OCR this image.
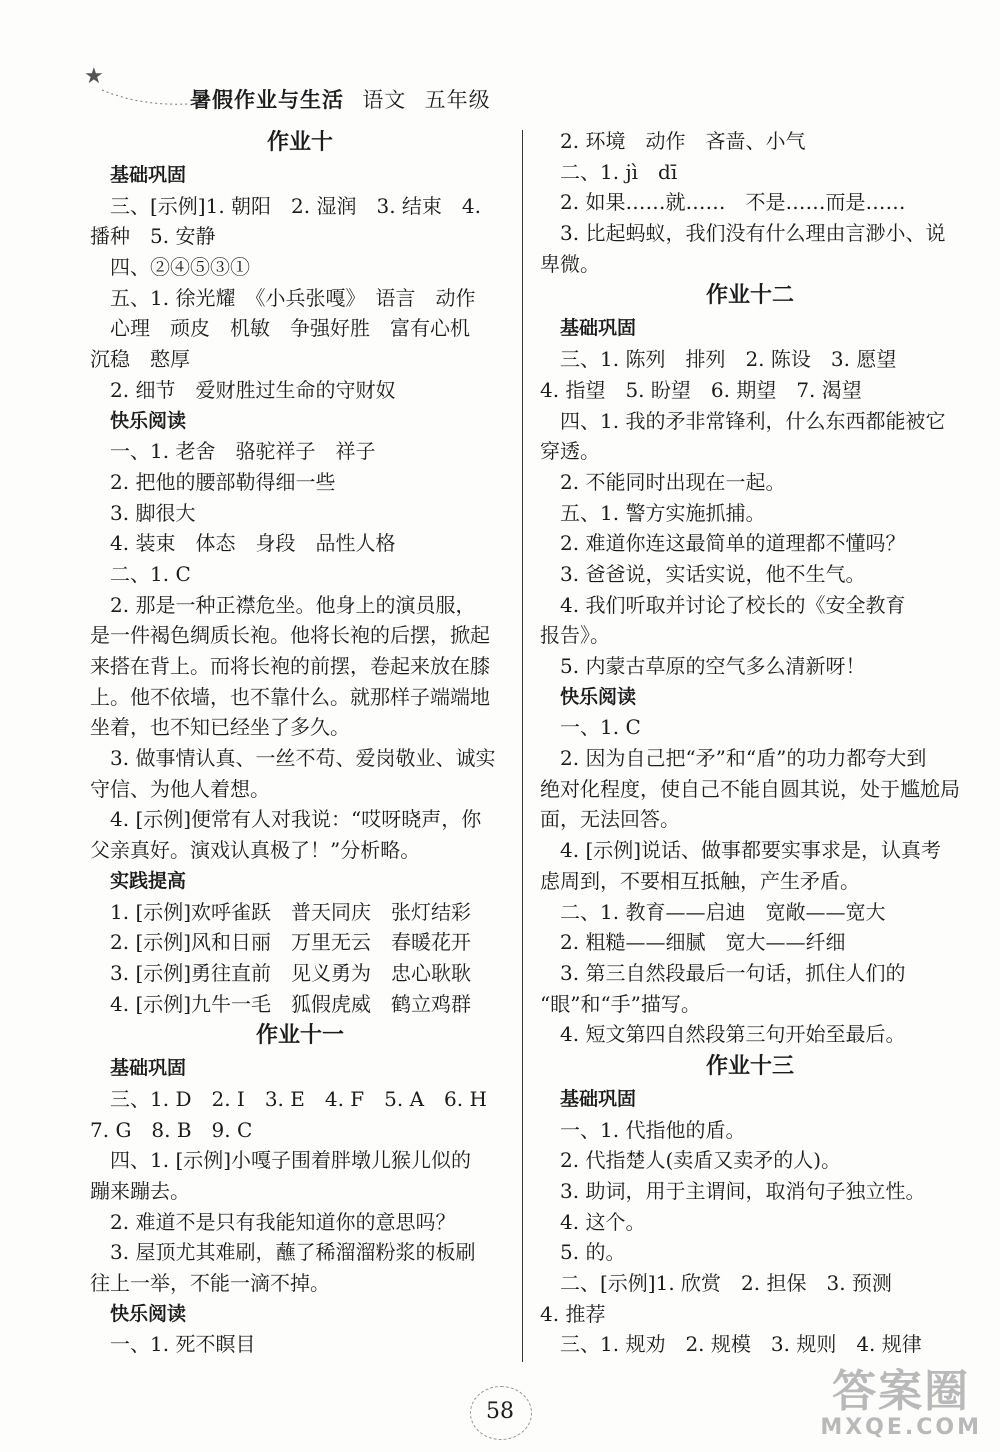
★
暑假作业与生活 语文 五年级
作业十
基础巩固
三、[示例]1. 朝阳　2. 湿润　3. 结束　4.
播种　5. 安静
四、②④⑤③①
五、1. 徐光耀　《小兵张嘎》　语言　动作
心理　顽皮　机敏　争强好胜　富有心机
沉稳　憨厚
2. 细节　爱财胜过生命的守财奴
快乐阅读
一、1. 老舍　骆驼祥子　祥子
2. 把他的腰部勒得细一些
3. 脚很大
4. 装束　体态　身段　品性人格
二、1. C
2. 那是一种正襟危坐。他身上的演员服，
是一件褐色绸质长袍。他将长袍的后摆，掀起
来搭在背上。而将长袍的前摆，卷起来放在膝
上。他不依墙，也不靠什么。就那样子端端地
坐着，也不知已经坐了多久。
3. 做事情认真、一丝不苟、爱岗敬业、诚实
守信、为他人着想。
4. [示例]便常有人对我说：“哎呀晓声，你
父亲真好。演戏认真极了！”分析略。
实践提高
1. [示例]欢呼雀跃　普天同庆　张灯结彩
2. [示例]风和日丽　万里无云　春暖花开
3. [示例]勇往直前　见义勇为　忠心耿耿
4. [示例]九牛一毛　狐假虎威　鹤立鸡群
作业十一
基础巩固
三、1. D　2. I　3. E　4. F　5. A　6. H
7. G　8. B　9. C
四、1. [示例]小嘎子围着胖墩儿猴儿似的
蹦来蹦去。
2. 难道不是只有我能知道你的意思吗？
3. 屋顶尤其难刷，蘸了稀溜溜粉浆的板刷
往上一举，不能一滴不掉。
快乐阅读
一、1. 死不瞑目
2. 环境　动作　吝啬、小气
二、1. jì　dī
2. 如果……就……　不是……而是……
3. 比起蚂蚁，我们没有什么理由言渺小、说
卑微。
作业十二
基础巩固
三、1. 陈列　排列　2. 陈设　3. 愿望
4. 指望　5. 盼望　6. 期望　7. 渴望
四、1. 我的矛非常锋利，什么东西都能被它
穿透。
2. 不能同时出现在一起。
五、1. 警方实施抓捕。
2. 难道你连这最简单的道理都不懂吗？
3. 爸爸说，实话实说，他不生气。
4. 我们听取并讨论了校长的《安全教育
报告》。
5. 内蒙古草原的空气多么清新呀！
快乐阅读
一、1. C
2. 因为自己把“矛”和“盾”的功力都夸大到
绝对化程度，使自己不能自圆其说，处于尴尬局
面，无法回答。
4. [示例]说话、做事都要实事求是，认真考
虑周到，不要相互抵触，产生矛盾。
二、1. 教育——启迪　宽敞——宽大
2. 粗糙——细腻　宽大——纤细
3. 第三自然段最后一句话，抓住人们的
“眼”和“手”描写。
4. 短文第四自然段第三句开始至最后。
作业十三
基础巩固
一、1. 代指他的盾。
2. 代指楚人(卖盾又卖矛的人)。
3. 助词，用于主谓间，取消句子独立性。
4. 这个。
5. 的。
二、[示例]1. 欣赏　2. 担保　3. 预测
4. 推荐
三、1. 规劝　2. 规模　3. 规则　4. 规律
58	答案圈
MXQE.COM
